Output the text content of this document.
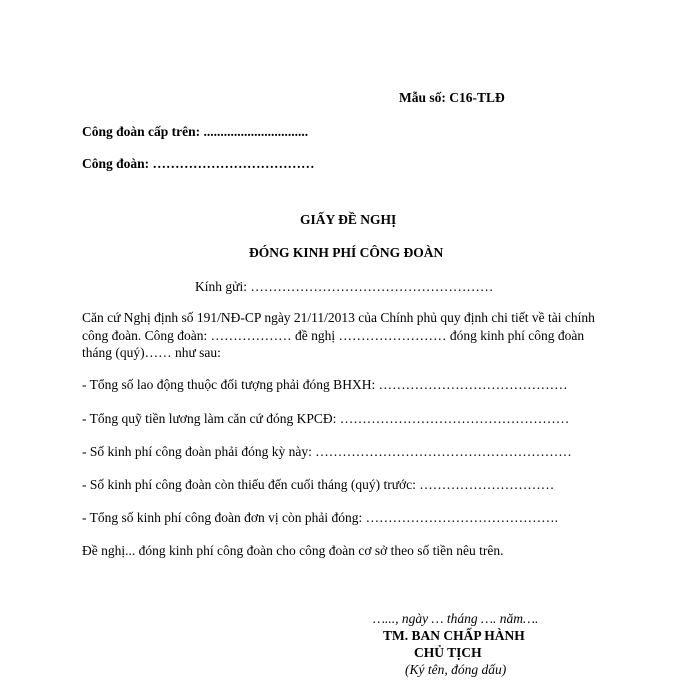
Mẫu số: C16-TLĐ
Công đoàn cấp trên: ...............................
Công đoàn: ………………………………
GIẤY ĐỀ NGHỊ
ĐÓNG KINH PHÍ CÔNG ĐOÀN
Kính gửi: ………………………………………………
Căn cứ Nghị định số 191/NĐ-CP ngày 21/11/2013 của Chính phủ quy định chi tiết về tài chính công đoàn. Công đoàn: ……………… đề nghị …………………… đóng kinh phí công đoàn tháng (quý)…… như sau:
- Tổng số lao động thuộc đối tượng phải đóng BHXH: ……………………………………
- Tổng quỹ tiền lương làm căn cứ đóng KPCĐ: ……………………………………………
- Số kinh phí công đoàn phải đóng kỳ này: …………………………………………………
- Số kinh phí công đoàn còn thiếu đến cuối tháng (quý) trước: …………………………
- Tổng số kinh phí công đoàn đơn vị còn phải đóng: …………………………………….
Đề nghị... đóng kinh phí công đoàn cho công đoàn cơ sở theo số tiền nêu trên.
…..., ngày … tháng …. năm….
TM. BAN CHẤP HÀNH
CHỦ TỊCH
(Ký tên, đóng dấu)
